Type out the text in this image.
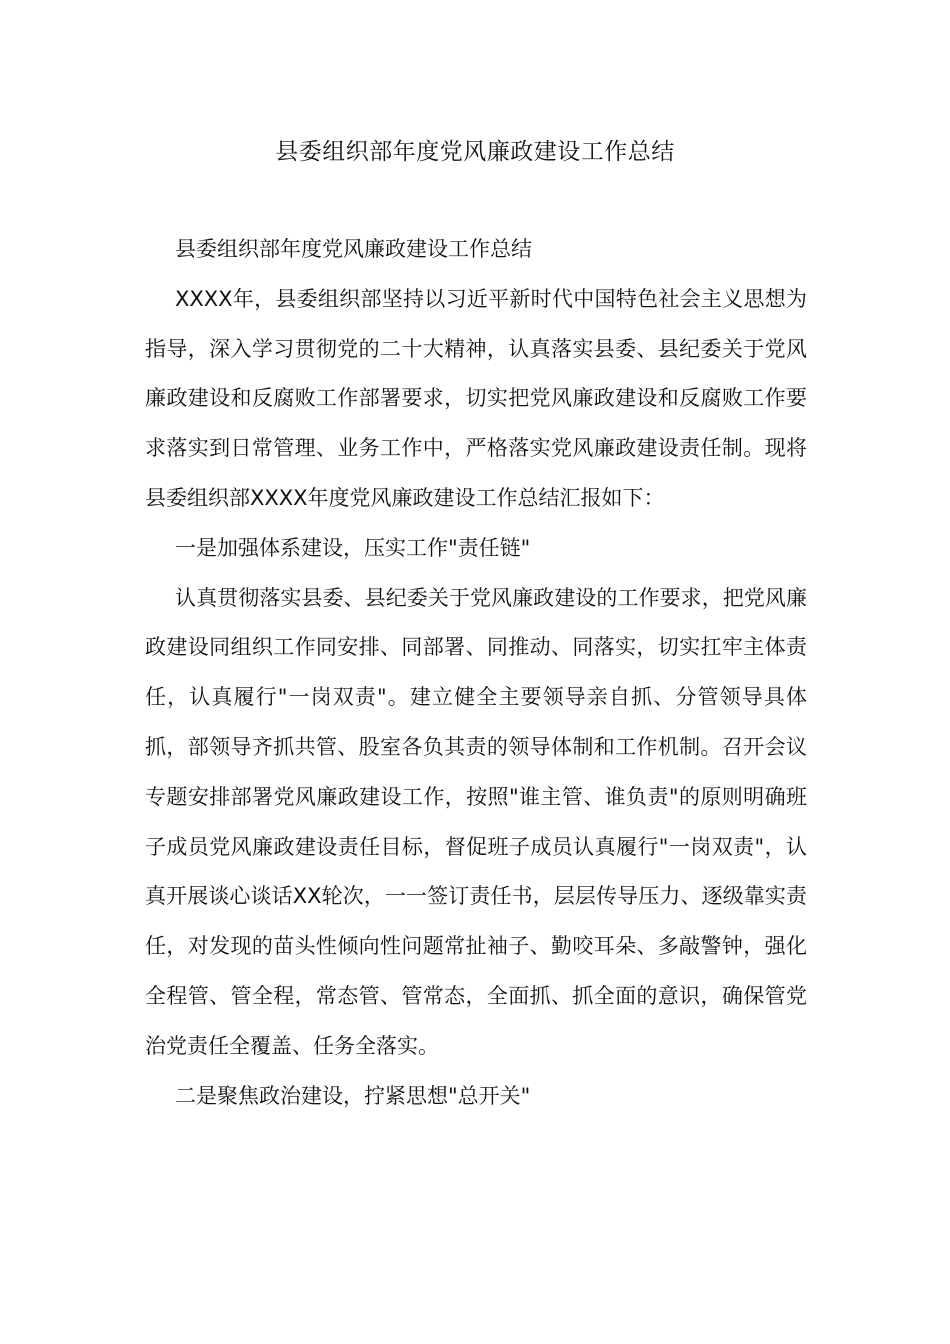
县委组织部年度党风廉政建设工作总结

县委组织部年度党风廉政建设工作总结

XXXX年，县委组织部坚持以习近平新时代中国特色社会主义思想为指导，深入学习贯彻党的二十大精神，认真落实县委、县纪委关于党风廉政建设和反腐败工作部署要求，切实把党风廉政建设和反腐败工作要求落实到日常管理、业务工作中，严格落实党风廉政建设责任制。现将县委组织部XXXX年度党风廉政建设工作总结汇报如下：

一是加强体系建设，压实工作"责任链"

认真贯彻落实县委、县纪委关于党风廉政建设的工作要求，把党风廉政建设同组织工作同安排、同部署、同推动、同落实，切实扛牢主体责任，认真履行"一岗双责"。建立健全主要领导亲自抓、分管领导具体抓，部领导齐抓共管、股室各负其责的领导体制和工作机制。召开会议专题安排部署党风廉政建设工作，按照"谁主管、谁负责"的原则明确班子成员党风廉政建设责任目标，督促班子成员认真履行"一岗双责"，认真开展谈心谈话XX轮次，一一签订责任书，层层传导压力、逐级靠实责任，对发现的苗头性倾向性问题常扯袖子、勤咬耳朵、多敲警钟，强化全程管、管全程，常态管、管常态，全面抓、抓全面的意识，确保管党治党责任全覆盖、任务全落实。

二是聚焦政治建设，拧紧思想"总开关"
